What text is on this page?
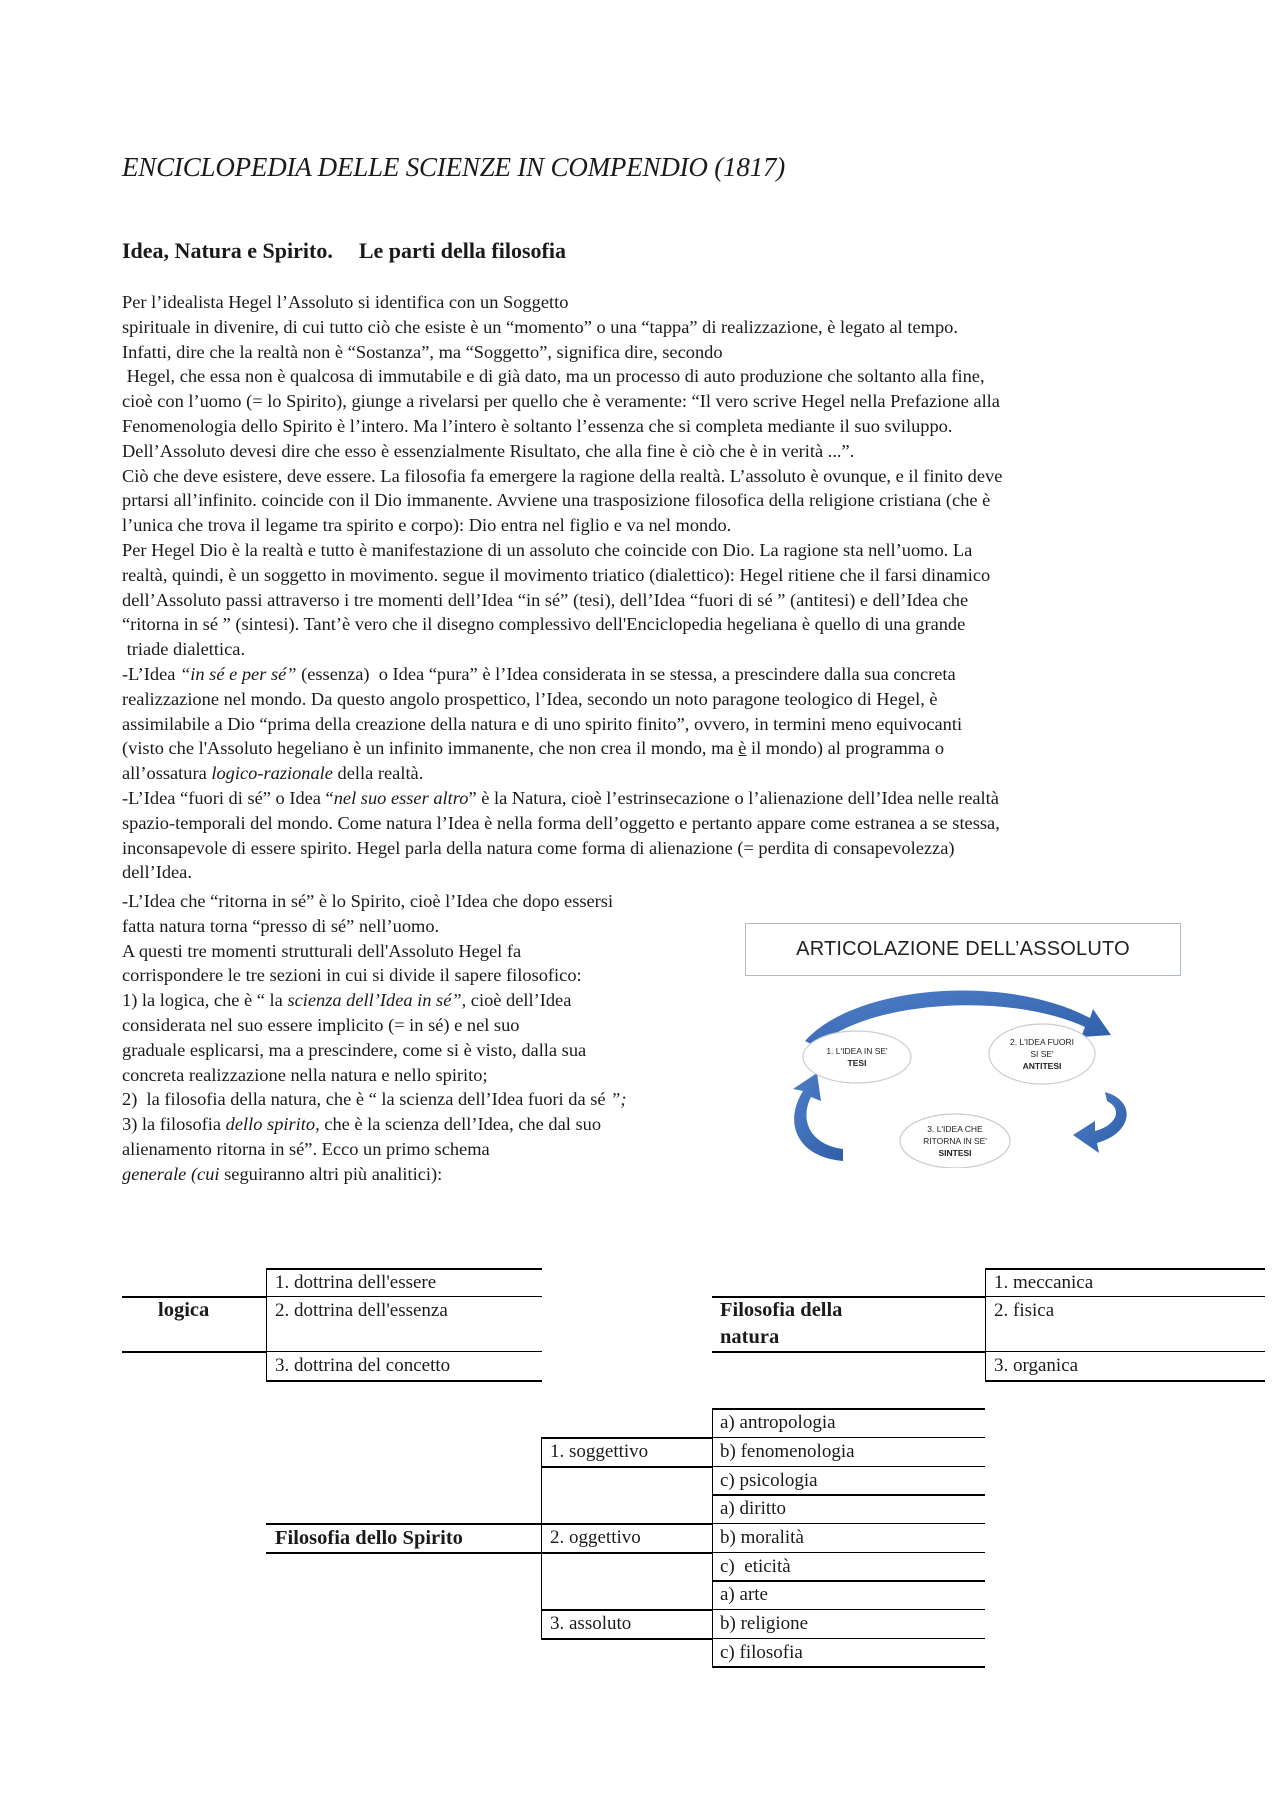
ENCICLOPEDIA DELLE SCIENZE IN COMPENDIO (1817)
Idea, Natura e Spirito. Le parti della filosofia

Per l’idealista Hegel l’Assoluto si identifica con un Soggetto

spirituale in divenire, di cui tutto ciò che esiste è un “momento” o una “tappa” di realizzazione, è legato al tempo.

Infatti, dire che la realtà non è “Sostanza”, ma “Soggetto”, significa dire, secondo

Hegel, che essa non è qualcosa di immutabile e di già dato, ma un processo di auto produzione che soltanto alla fine,

cioè con l’uomo (= lo Spirito), giunge a rivelarsi per quello che è veramente: “Il vero scrive Hegel nella Prefazione alla

Fenomenologia dello Spirito è l’intero. Ma l’intero è soltanto l’essenza che si completa mediante il suo sviluppo.

Dell’Assoluto devesi dire che esso è essenzialmente Risultato, che alla fine è ciò che è in verità ...”.

Ciò che deve esistere, deve essere. La filosofia fa emergere la ragione della realtà. L’assoluto è ovunque, e il finito deve

prtarsi all’infinito. coincide con il Dio immanente. Avviene una trasposizione filosofica della religione cristiana (che è

l’unica che trova il legame tra spirito e corpo): Dio entra nel figlio e va nel mondo.

Per Hegel Dio è la realtà e tutto è manifestazione di un assoluto che coincide con Dio. La ragione sta nell’uomo. La

realtà, quindi, è un soggetto in movimento. segue il movimento triatico (dialettico): Hegel ritiene che il farsi dinamico

dell’Assoluto passi attraverso i tre momenti dell’Idea “in sé” (tesi), dell’Idea “fuori di sé ” (antitesi) e dell’Idea che

“ritorna in sé ” (sintesi). Tant’è vero che il disegno complessivo dell'Enciclopedia hegeliana è quello di una grande

triade dialettica.

-L’Idea “in sé e per sé” (essenza)  o Idea “pura” è l’Idea considerata in se stessa, a prescindere dalla sua concreta

realizzazione nel mondo. Da questo angolo prospettico, l’Idea, secondo un noto paragone teologico di Hegel, è

assimilabile a Dio “prima della creazione della natura e di uno spirito finito”, ovvero, in termini meno equivocanti

(visto che l'Assoluto hegeliano è un infinito immanente, che non crea il mondo, ma è il mondo) al programma o

all’ossatura logico-razionale della realtà.

-L’Idea “fuori di sé” o Idea “nel suo esser altro” è la Natura, cioè l’estrinsecazione o l’alienazione dell’Idea nelle realtà

spazio-temporali del mondo. Come natura l’Idea è nella forma dell’oggetto e pertanto appare come estranea a se stessa,

inconsapevole di essere spirito. Hegel parla della natura come forma di alienazione (= perdita di consapevolezza)

dell’Idea.

-L’Idea che “ritorna in sé” è lo Spirito, cioè l’Idea che dopo essersi

fatta natura torna “presso di sé” nell’uomo.

A questi tre momenti strutturali dell'Assoluto Hegel fa

corrispondere le tre sezioni in cui si divide il sapere filosofico:

1) la logica, che è “ la scienza dell’Idea in sé”, cioè dell’Idea

considerata nel suo essere implicito (= in sé) e nel suo

graduale esplicarsi, ma a prescindere, come si è visto, dalla sua

concreta realizzazione nella natura e nello spirito;

2)  la filosofia della natura, che è “ la scienza dell’Idea fuori da sé ”;

3) la filosofia dello spirito, che è la scienza dell’Idea, che dal suo

alienamento ritorna in sé”. Ecco un primo schema

generale (cui seguiranno altri più analitici):

ARTICOLAZIONE DELL’ASSOLUTO
1. L'IDEA IN SE'
TESI
2. L'IDEA FUORI
SI SE'
ANTITESI
3. L'IDEA CHE
RITORNA IN SE'
SINTESI
logica
1. dottrina dell'essere
2. dottrina dell'essenza
3. dottrina del concetto
Filosofia della
natura
1. meccanica
2. fisica
3. organica
Filosofia dello Spirito
1. soggettivo
2. oggettivo
3. assoluto
a) antropologia
b) fenomenologia
c) psicologia
a) diritto
b) moralità
c)  eticità
a) arte
b) religione
c) filosofia
